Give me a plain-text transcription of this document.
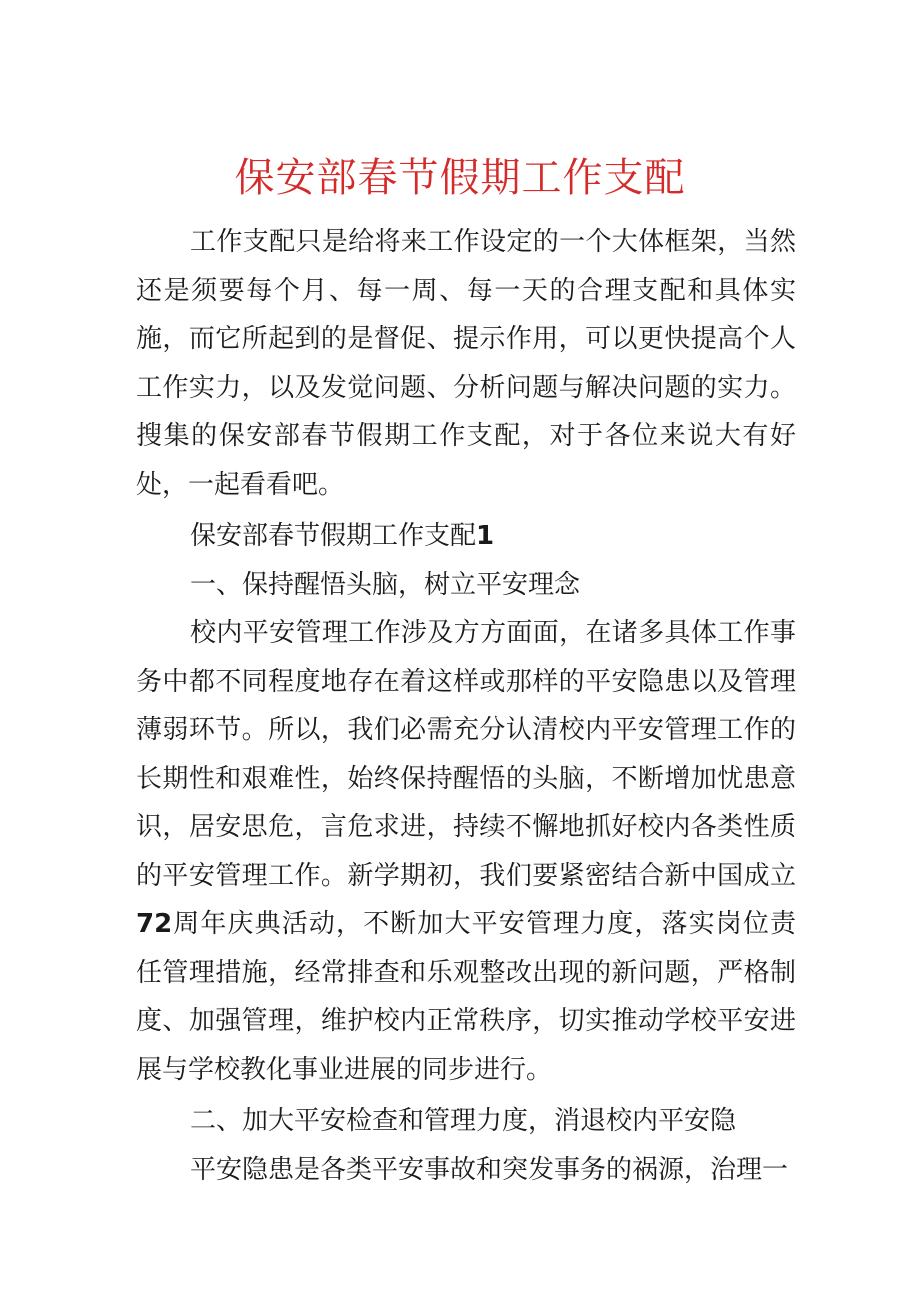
保安部春节假期工作支配

工作支配只是给将来工作设定的一个大体框架，当然还是须要每个月、每一周、每一天的合理支配和具体实施，而它所起到的是督促、提示作用，可以更快提高个人工作实力，以及发觉问题、分析问题与解决问题的实力。搜集的保安部春节假期工作支配，对于各位来说大有好处，一起看看吧。

保安部春节假期工作支配1

一、保持醒悟头脑，树立平安理念

校内平安管理工作涉及方方面面，在诸多具体工作事务中都不同程度地存在着这样或那样的平安隐患以及管理薄弱环节。所以，我们必需充分认清校内平安管理工作的长期性和艰难性，始终保持醒悟的头脑，不断增加忧患意识，居安思危，言危求进，持续不懈地抓好校内各类性质的平安管理工作。新学期初，我们要紧密结合新中国成立72周年庆典活动，不断加大平安管理力度，落实岗位责任管理措施，经常排查和乐观整改出现的新问题，严格制度、加强管理，维护校内正常秩序，切实推动学校平安进展与学校教化事业进展的同步进行。

二、加大平安检查和管理力度，消退校内平安隐

平安隐患是各类平安事故和突发事务的祸源，治理一
